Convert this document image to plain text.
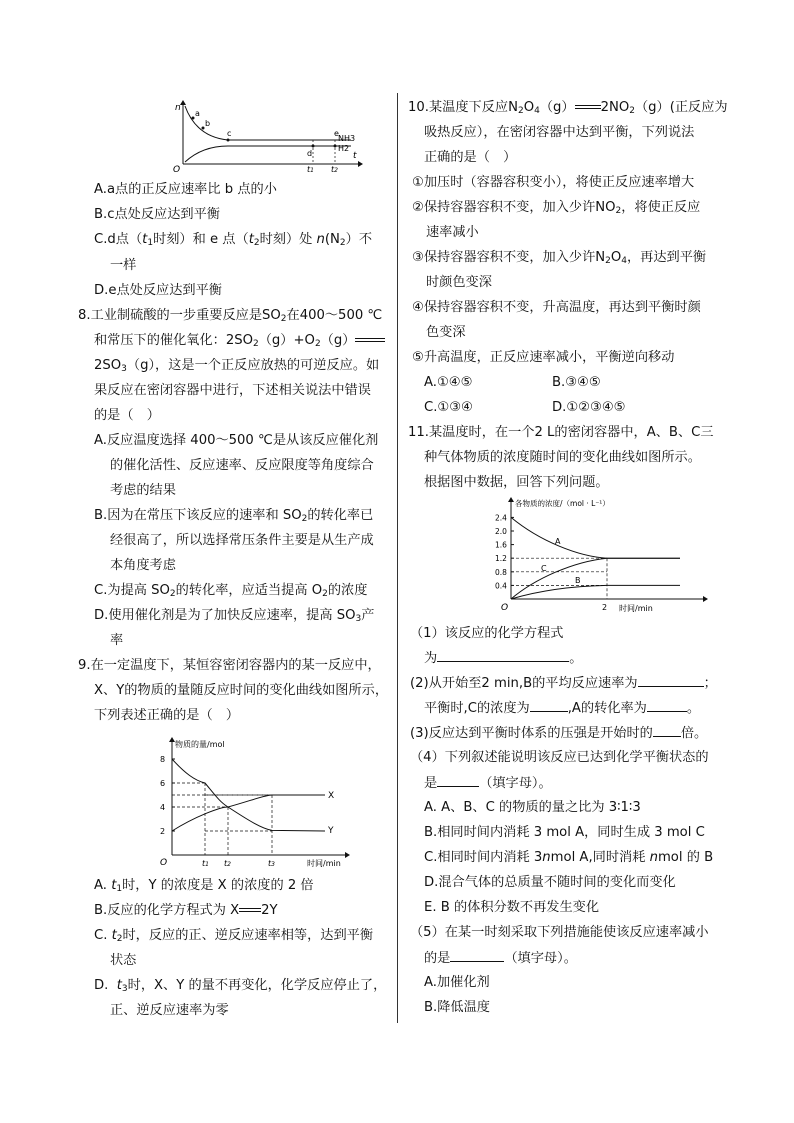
n
t
O
a
b
c
d
e
NH3
H2
t1 t2
A.a点的正反应速率比 b 点的小
B.c点处反应达到平衡
C.d点（$t_1$时刻）和 e 点（$t_2$时刻）处 $n(N_2)$不
一样
D.e点处反应达到平衡
8.工业制硫酸的一步重要反应是$SO_2$在400～500 ℃
和常压下的催化氧化：$2SO_2(g)+O_2(g)$
$2SO_3(g)$，这是一个正反应放热的可逆反应。如
果反应在密闭容器中进行，下述相关说法中错误
的是（　）
A.反应温度选择 400～500 ℃是从该反应催化剂
的催化活性、反应速率、反应限度等角度综合
考虑的结果
B.因为在常压下该反应的速率和 $SO_2$的转化率已
经很高了，所以选择常压条件主要是从生产成
本角度考虑
C.为提高 $SO_2$的转化率，应适当提高 $O_2$的浓度
D.使用催化剂是为了加快反应速率，提高 $SO_3$产
率
9.在一定温度下，某恒容密闭容器内的某一反应中，
X、Y的物质的量随反应时间的变化曲线如图所示，
下列表述正确的是（　）
物质的量/mol
时间/min
O
2
4
6
8
X
Y
t1 t2	t3
A. $t_1$时，Y 的浓度是 X 的浓度的 2 倍
B.反应的化学方程式为 X 2Y
C. $t_2$时，反应的正、逆反应速率相等，达到平衡
状态
D.  $t_3$时，X、Y 的量不再变化，化学反应停止了，
正、逆反应速率为零
10.某温度下反应$N_2O_4(g)$ $2NO_2(g)$(正反应为
吸热反应），在密闭容器中达到平衡，下列说法
正确的是（　）
①加压时（容器容积变小），将使正反应速率增大
②保持容器容积不变，加入少许$NO_2$，将使正反应
速率减小
③保持容器容积不变，加入少许$N_2O_4$，再达到平衡
时颜色变深
④保持容器容积不变，升高温度，再达到平衡时颜
色变深
⑤升高温度，正反应速率减小，平衡逆向移动
A.①④⑤	B.③④⑤
C.①③④	D.①②③④⑤
11.某温度时，在一个2 L的密闭容器中，A、B、C三
种气体物质的浓度随时间的变化曲线如图所示。
根据图中数据，回答下列问题。
各物质的浓度/（mol · L⁻¹）
时间/min
O	2
0.4
0.8
1.2
1.6
2.0
2.4
A
C
B
（1）该反应的化学方程式
为	。
(2)从开始至2 min,B的平均反应速率为	；
平衡时,C的浓度为	,A的转化率为	。
(3)反应达到平衡时体系的压强是开始时的 倍。
（4）下列叙述能说明该反应已达到化学平衡状态的
是	（填字母）。
A. A、B、C 的物质的量之比为 3∶1∶3
B.相同时间内消耗 3 mol A，同时生成 3 mol C
C.相同时间内消耗 3nmol A,同时消耗 nmol 的 B
D.混合气体的总质量不随时间的变化而变化
E. B 的体积分数不再发生变化
（5）在某一时刻采取下列措施能使该反应速率减小
的是	（填字母）。
A.加催化剂
B.降低温度
